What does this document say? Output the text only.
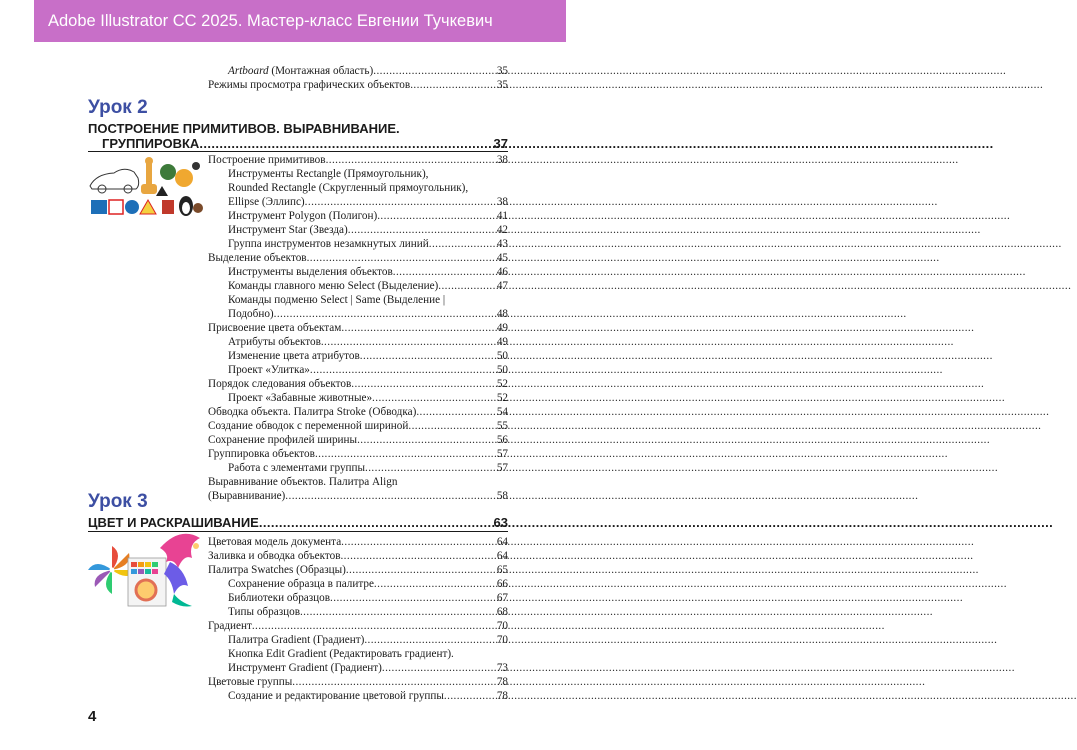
Adobe Illustrator CC 2025. Мастер-класс Евгении Тучкевич
Artboard (Монтажная область) .....	35
Режимы просмотра графических объектов .....	35
Урок 2
ПОСТРОЕНИЕ ПРИМИТИВОВ. ВЫРАВНИВАНИЕ.
ГРУППИРОВКА .....	37
Построение примитивов .....	38
Инструменты Rectangle (Прямоугольник),
Rounded Rectangle (Скругленный прямоугольник),
Ellipse (Эллипс) .....	38
Инструмент Polygon (Полигон) .....	41
Инструмент Star (Звезда) .....	42
Группа инструментов незамкнутых линий .....	43
Выделение объектов .....	45
Инструменты выделения объектов .....	46
Команды главного меню Select (Выделение) .....	47
Команды подменю Select | Same (Выделение |
Подобно) .....	48
Присвоение цвета объектам .....	49
Атрибуты объектов .....	49
Изменение цвета атрибутов .....	50
Проект «Улитка» .....	50
Порядок следования объектов .....	52
Проект «Забавные животные» .....	52
Обводка объекта. Палитра Stroke (Обводка) .....	54
Создание обводок с переменной шириной .....	55
Сохранение профилей ширины .....	56
Группировка объектов .....	57
Работа с элементами группы .....	57
Выравнивание объектов. Палитра Align
(Выравнивание) .....	58
Урок 3
ЦВЕТ И РАСКРАШИВАНИЕ .....	63
Цветовая модель документа .....	64
Заливка и обводка объектов .....	64
Палитра Swatches (Образцы) .....	65
Сохранение образца в палитре .....	66
Библиотеки образцов .....	67
Типы образцов .....	68
Градиент .....	70
Палитра Gradient (Градиент) .....	70
Кнопка Edit Gradient (Редактировать градиент).
Инструмент Gradient (Градиент) .....	73
Цветовые группы .....	78
Создание и редактирование цветовой группы .....	78
4
